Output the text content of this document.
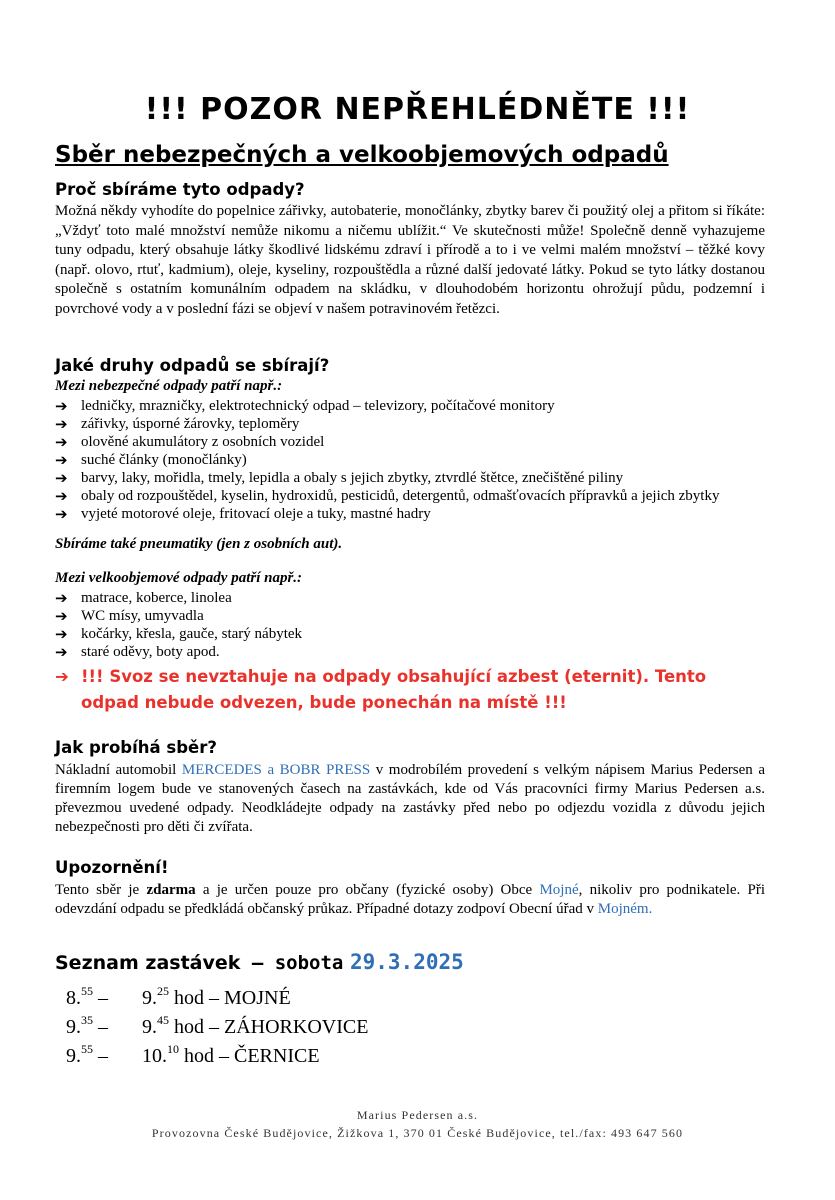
!!! POZOR NEPŘEHLÉDNĚTE !!!
Sběr nebezpečných a velkoobjemových odpadů
Proč sbíráme tyto odpady?
Možná někdy vyhodíte do popelnice zářivky, autobaterie, monočlánky, zbytky barev či použitý olej a přitom si říkáte: „Vždyť toto malé množství nemůže nikomu a ničemu ublížit.“ Ve skutečnosti může! Společně denně vyhazujeme tuny odpadu, který obsahuje látky škodlivé lidskému zdraví i přírodě a to i ve velmi malém množství – těžké kovy (např. olovo, rtuť, kadmium), oleje, kyseliny, rozpouštědla a různé další jedovaté látky. Pokud se tyto látky dostanou společně s ostatním komunálním odpadem na skládku, v dlouhodobém horizontu ohrožují půdu, podzemní i povrchové vody a v poslední fázi se objeví v našem potravinovém řetězci.
Jaké druhy odpadů se sbírají?
Mezi nebezpečné odpady patří např.:
➔ ledničky, mrazničky, elektrotechnický odpad – televizory, počítačové monitory
➔ zářivky, úsporné žárovky, teploměry
➔ olověné akumulátory z osobních vozidel
➔ suché články (monočlánky)
➔ barvy, laky, mořidla, tmely, lepidla a obaly s jejich zbytky, ztvrdlé štětce, znečištěné piliny
➔ obaly od rozpouštědel, kyselin, hydroxidů, pesticidů, detergentů, odmašťovacích přípravků a jejich zbytky
➔ vyjeté motorové oleje, fritovací oleje a tuky, mastné hadry
Sbíráme také pneumatiky (jen z osobních aut).
Mezi velkoobjemové odpady patří např.:
➔ matrace, koberce, linolea
➔ WC mísy, umyvadla
➔ kočárky, křesla, gauče, starý nábytek
➔ staré oděvy, boty apod.
➔ !!! Svoz se nevztahuje na odpady obsahující azbest (eternit). Tento
odpad nebude odvezen, bude ponechán na místě !!!
Jak probíhá sběr?
Nákladní automobil MERCEDES a BOBR PRESS v modrobílém provedení s velkým nápisem Marius Pedersen a firemním logem bude ve stanovených časech na zastávkách, kde od Vás pracovníci firmy Marius Pedersen a.s. převezmou uvedené odpady. Neodkládejte odpady na zastávky před nebo po odjezdu vozidla z důvodu jejich nebezpečnosti pro děti či zvířata.
Upozornění!
Tento sběr je zdarma a je určen pouze pro občany (fyzické osoby) Obce Mojné, nikoliv pro podnikatele. Při odevzdání odpadu se předkládá občanský průkaz. Případné dotazy zodpoví Obecní úřad v Mojném.
Seznam zastávek – sobota 29.3.2025
8.55 – 9.25 hod – MOJNÉ
9.35 – 9.45 hod – ZÁHORKOVICE
9.55 – 10.10 hod – ČERNICE
Marius Pedersen a.s.
Provozovna České Budějovice, Žižkova 1, 370 01 České Budějovice, tel./fax: 493 647 560
